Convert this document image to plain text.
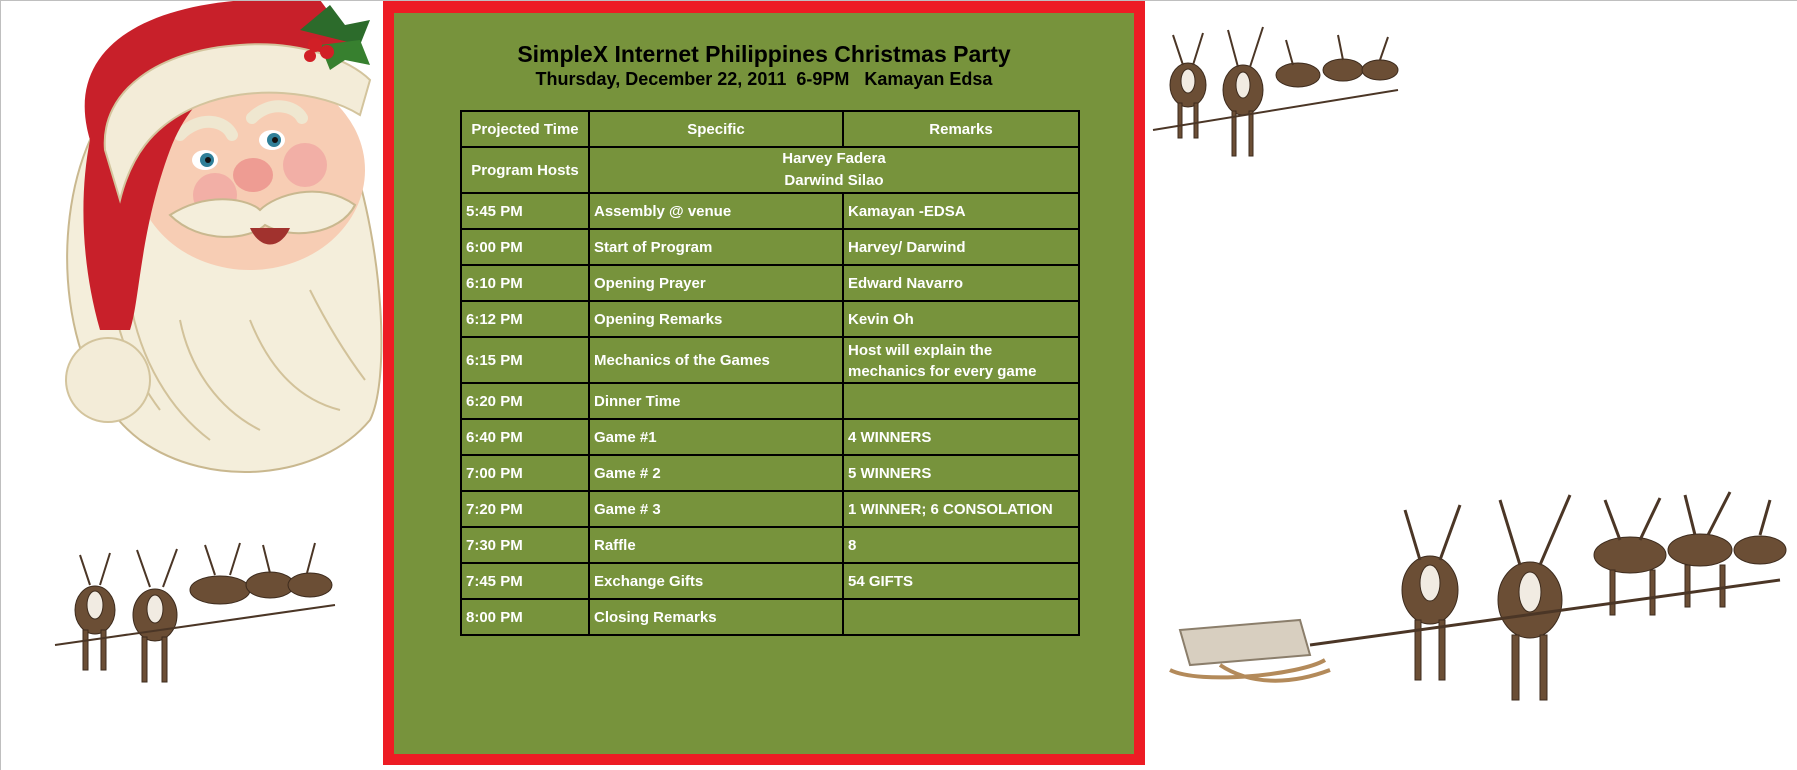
SimpleX Internet Philippines Christmas Party
Thursday, December 22, 2011  6-9PM   Kamayan Edsa
Projected Time	Specific	Remarks
Program Hosts	Harvey Fadera
Darwind Silao	

5:45 PM	Assembly @ venue	Kamayan -EDSA
6:00 PM	Start of Program	Harvey/ Darwind
6:10 PM	Opening Prayer	Edward Navarro
6:12 PM	Opening Remarks	Kevin Oh
6:15 PM	Mechanics of the Games	Host will explain the
mechanics for every game

6:20 PM	Dinner Time	
6:40 PM	Game #1	4 WINNERS
7:00 PM	Game # 2	5 WINNERS
7:20 PM	Game # 3	1 WINNER; 6 CONSOLATION
7:30 PM	Raffle	8
7:45 PM	Exchange Gifts	54 GIFTS
8:00 PM	Closing Remarks	
